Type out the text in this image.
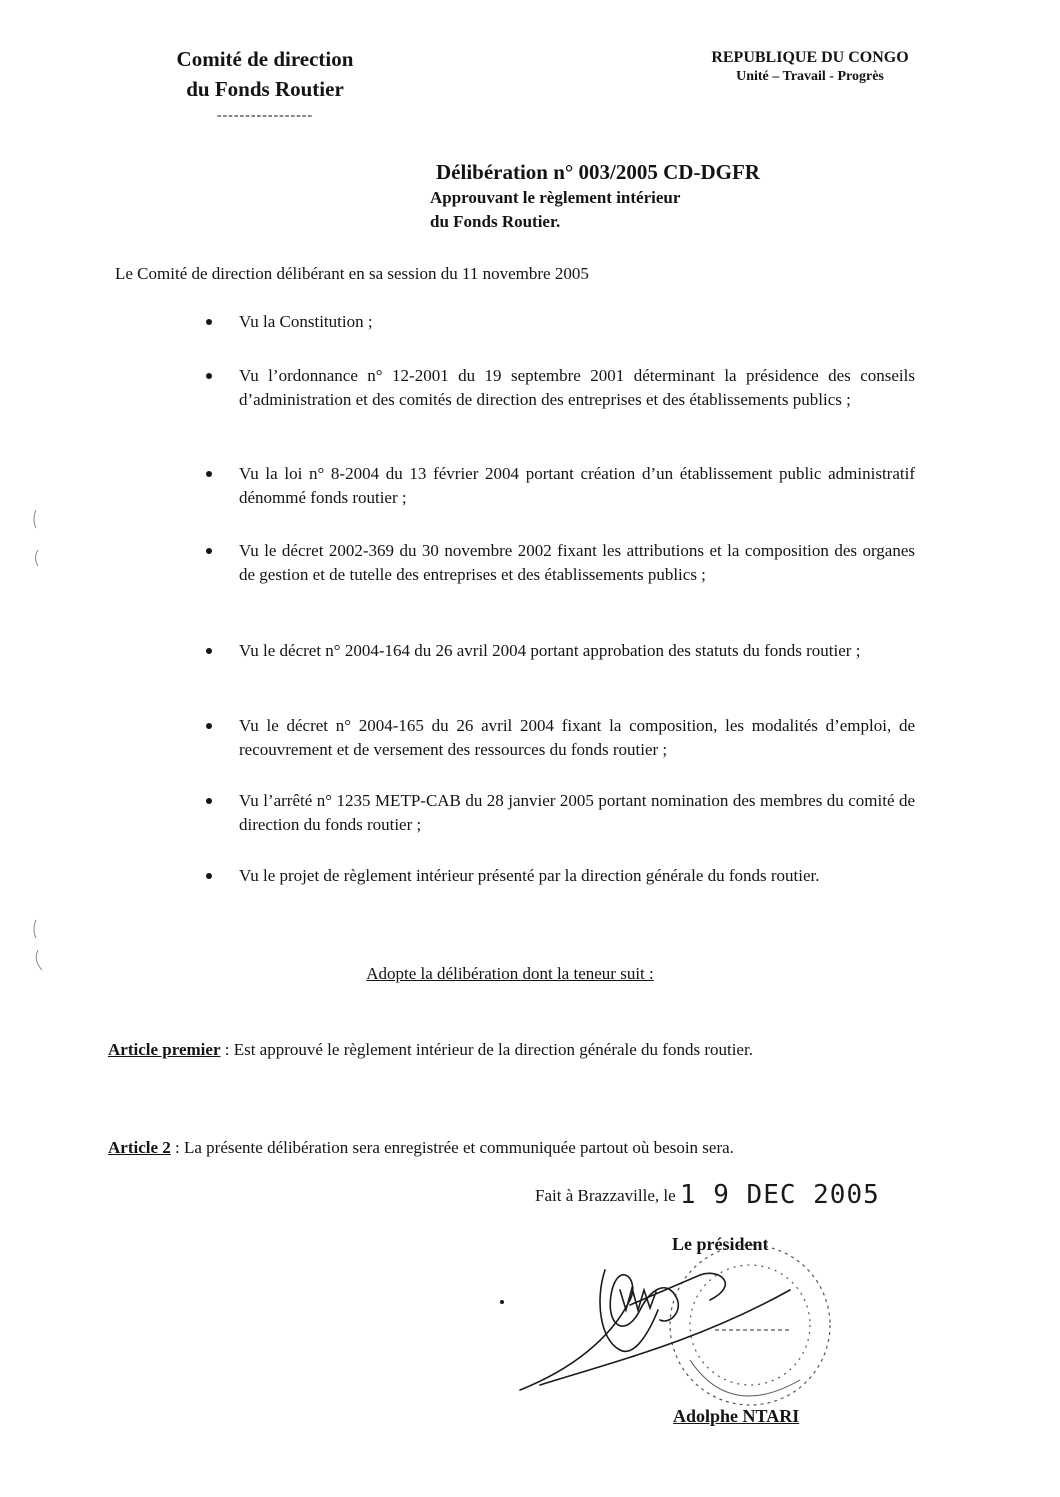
Comité de direction
du Fonds Routier
-----------------
REPUBLIQUE DU CONGO
Unité – Travail - Progrès
Délibération n° 003/2005 CD-DGFR
Approuvant le règlement intérieur
du Fonds Routier.
Le Comité de direction délibérant en sa session du 11 novembre 2005
Vu la Constitution ;
Vu l’ordonnance n° 12-2001 du 19 septembre 2001 déterminant la présidence des conseils d’administration et des comités de direction des entreprises et des établissements publics ;
Vu la loi n° 8-2004 du 13 février 2004 portant création d’un établissement public administratif dénommé fonds routier ;
Vu le décret 2002-369 du 30 novembre 2002 fixant les attributions et la composition des organes de gestion et de tutelle des entreprises et des établissements publics ;
Vu le décret n° 2004-164 du 26 avril 2004 portant approbation des statuts du fonds routier ;
Vu le décret n° 2004-165 du 26 avril 2004 fixant la composition, les modalités d’emploi, de recouvrement et de versement des ressources du fonds routier ;
Vu l’arrêté n° 1235 METP-CAB du 28 janvier 2005 portant nomination des membres du comité de direction du fonds routier ;
Vu le projet de règlement intérieur présenté par la direction générale du fonds routier.
Adopte la délibération dont la teneur suit :
Article premier : Est approuvé le règlement intérieur de la direction générale du fonds routier.
Article 2 : La présente délibération sera enregistrée et communiquée partout où besoin sera.
Fait à Brazzaville, le 1 9 DEC 2005
Le président
Adolphe NTARI
